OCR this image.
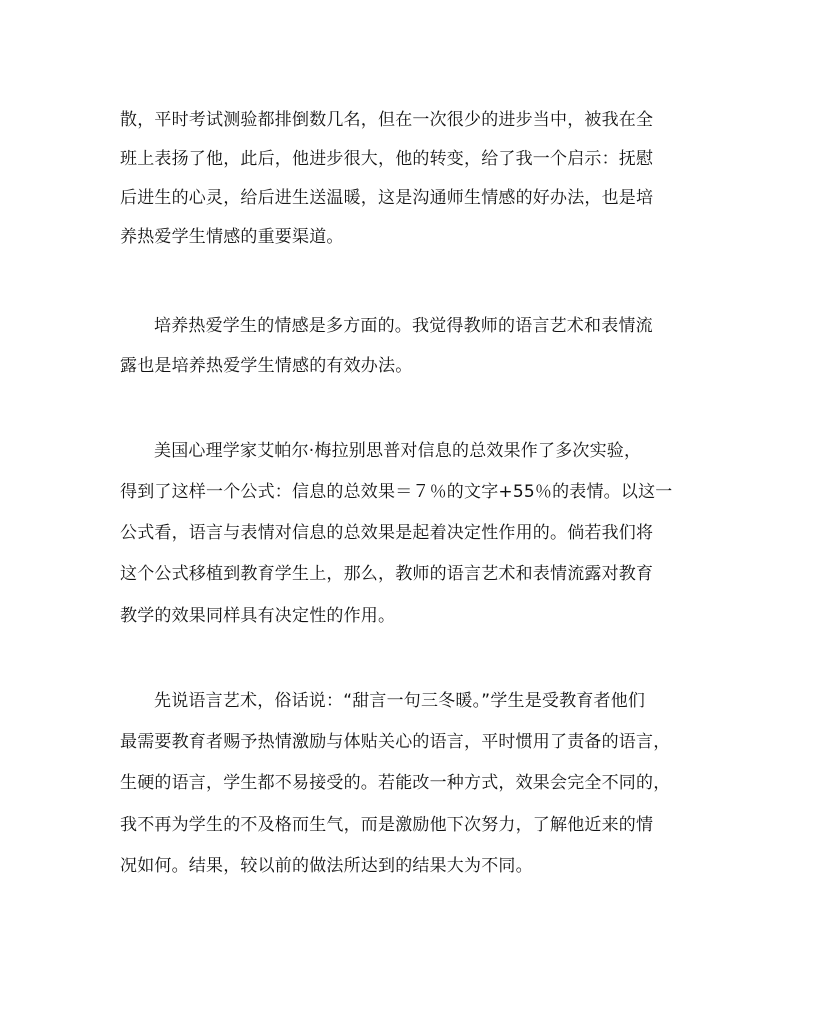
散，平时考试测验都排倒数几名，但在一次很少的进步当中，被我在全
班上表扬了他，此后，他进步很大，他的转变，给了我一个启示：抚慰
后进生的心灵，给后进生送温暖，这是沟通师生情感的好办法，也是培
养热爱学生情感的重要渠道。
培养热爱学生的情感是多方面的。我觉得教师的语言艺术和表情流
露也是培养热爱学生情感的有效办法。
美国心理学家艾帕尔·梅拉别思普对信息的总效果作了多次实验，
得到了这样一个公式：信息的总效果＝７％的文字+55％的表情。以这一
公式看，语言与表情对信息的总效果是起着决定性作用的。倘若我们将
这个公式移植到教育学生上，那么，教师的语言艺术和表情流露对教育
教学的效果同样具有决定性的作用。
先说语言艺术，俗话说：“甜言一句三冬暖。”学生是受教育者他们
最需要教育者赐予热情激励与体贴关心的语言，平时惯用了责备的语言，
生硬的语言，学生都不易接受的。若能改一种方式，效果会完全不同的，
我不再为学生的不及格而生气，而是激励他下次努力，了解他近来的情
况如何。结果，较以前的做法所达到的结果大为不同。
